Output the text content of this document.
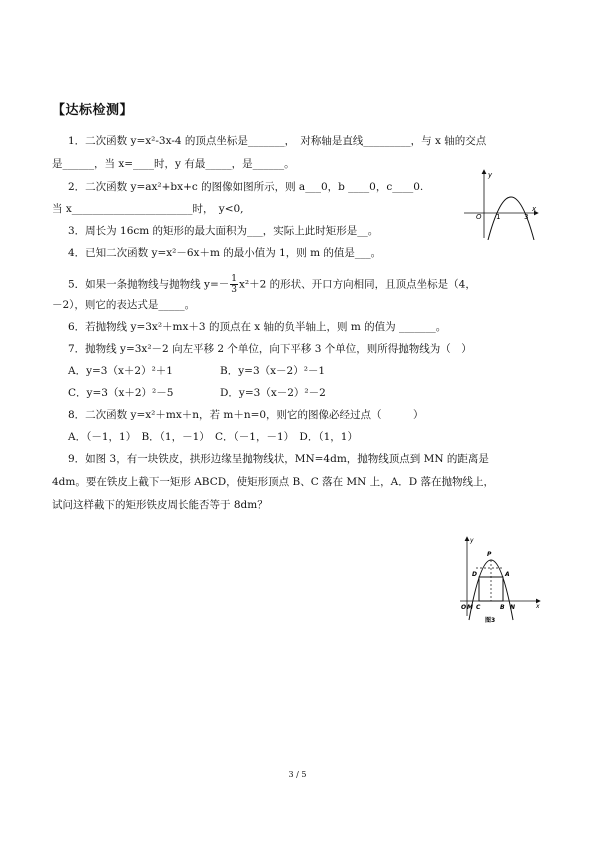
【达标检测】
1．二次函数 y=x²-3x-4 的顶点坐标是_______，　对称轴是直线_________，与 x 轴的交点
是______，当 x=____时，y 有最_____，是______。
2．二次函数 y=ax²+bx+c 的图像如图所示，则 a___0，b ____0，c____0.
当 x_______________________时，　y<0,
y
x
O 1	3
3．周长为 16cm 的矩形的最大面积为___，实际上此时矩形是__。
4．已知二次函数 y=x²－6x＋m 的最小值为 1，则 m 的值是___。
5．如果一条抛物线与抛物线 $y=- \frac{1}{3} x^2+2$ 的形状、开口方向相同，且顶点坐标是（4，
－2），则它的表达式是_____。
6．若抛物线 y=3x²＋mx＋3 的顶点在 x 轴的负半轴上，则 m 的值为 _______。
7．抛物线 y=3x²－2 向左平移 2 个单位，向下平移 3 个单位，则所得抛物线为（　）
A．y=3（x＋2）²＋1	B．y=3（x－2）²－1
C．y=3（x＋2）²－5	D．y=3（x－2）²－2
8．二次函数 y=x²＋mx＋n，若 m＋n=0，则它的图像必经过点（　　　）
A．（－1，1）　B．（1，－1）　C．（－1，－1）　D．（1，1）
9．如图 3，有一块铁皮，拱形边缘呈抛物线状，MN=4dm，抛物线顶点到 MN 的距离是
4dm。要在铁皮上截下一矩形 ABCD，使矩形顶点 B、C 落在 MN 上，A．D 落在抛物线上，
试问这样截下的矩形铁皮周长能否等于 8dm？
y
x
P
D	A
O M C	B N
图3
3 / 5
